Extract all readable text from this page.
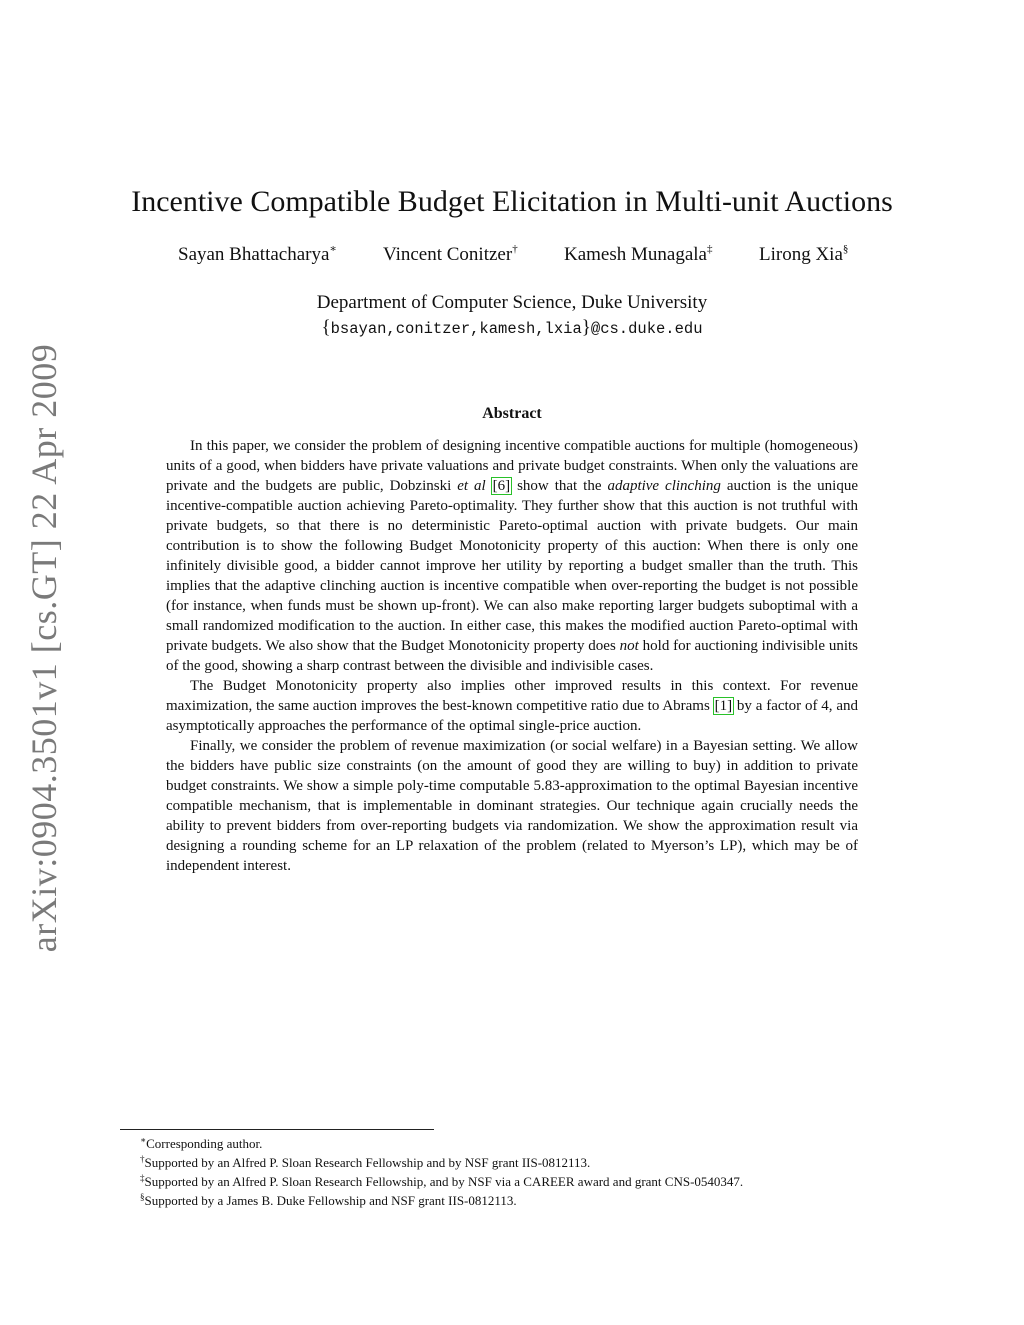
arXiv:0904.3501v1 [cs.GT] 22 Apr 2009
Incentive Compatible Budget Elicitation in Multi-unit Auctions
Sayan Bhattacharya∗ Vincent Conitzer† Kamesh Munagala‡ Lirong Xia§
Department of Computer Science, Duke University
{bsayan,conitzer,kamesh,lxia}@cs.duke.edu
Abstract

In this paper, we consider the problem of designing incentive compatible auctions for multiple (homogeneous) units of a good, when bidders have private valuations and private budget constraints. When only the valuations are private and the budgets are public, Dobzinski et al [6] show that the adaptive clinching auction is the unique incentive-compatible auction achieving Pareto-optimality. They further show that this auction is not truthful with private budgets, so that there is no deterministic Pareto-optimal auction with private budgets. Our main contribution is to show the following Budget Monotonicity property of this auction: When there is only one infinitely divisible good, a bidder cannot improve her utility by reporting a budget smaller than the truth. This implies that the adaptive clinching auction is incentive compatible when over-reporting the budget is not possible (for instance, when funds must be shown up-front). We can also make reporting larger budgets suboptimal with a small randomized modification to the auction. In either case, this makes the modified auction Pareto-optimal with private budgets. We also show that the Budget Monotonicity property does not hold for auctioning indivisible units of the good, showing a sharp contrast between the divisible and indivisible cases.

The Budget Monotonicity property also implies other improved results in this context. For revenue maximization, the same auction improves the best-known competitive ratio due to Abrams [1] by a factor of 4, and asymptotically approaches the performance of the optimal single-price auction.

Finally, we consider the problem of revenue maximization (or social welfare) in a Bayesian setting. We allow the bidders have public size constraints (on the amount of good they are willing to buy) in addition to private budget constraints. We show a simple poly-time computable 5.83-approximation to the optimal Bayesian incentive compatible mechanism, that is implementable in dominant strategies. Our technique again crucially needs the ability to prevent bidders from over-reporting budgets via randomization. We show the approximation result via designing a rounding scheme for an LP relaxation of the problem (related to Myerson’s LP), which may be of independent interest.

∗Corresponding author.
†Supported by an Alfred P. Sloan Research Fellowship and by NSF grant IIS-0812113.
‡Supported by an Alfred P. Sloan Research Fellowship, and by NSF via a CAREER award and grant CNS-0540347.
§Supported by a James B. Duke Fellowship and NSF grant IIS-0812113.
